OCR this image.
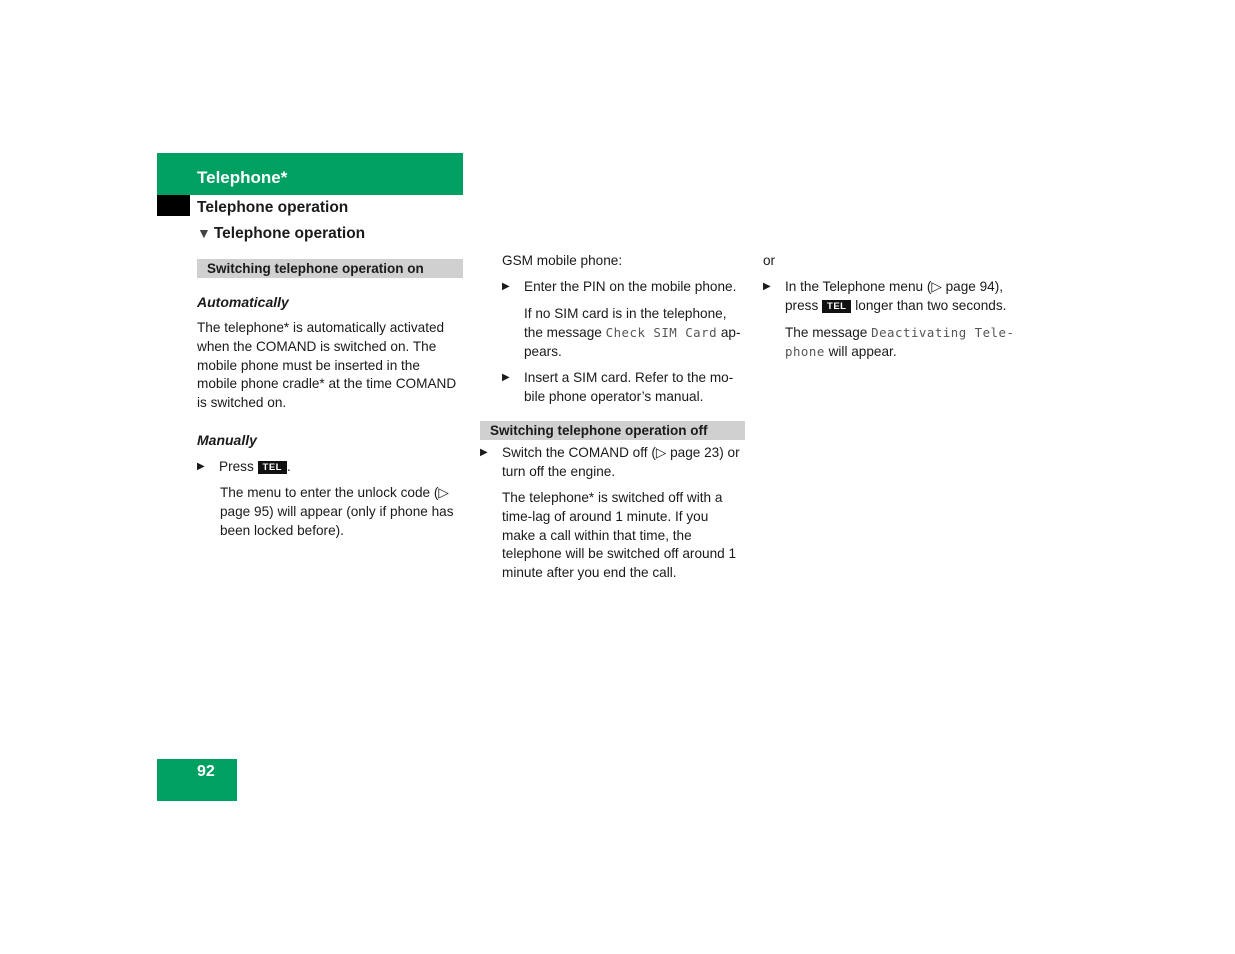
Telephone*
Telephone operation
▼ Telephone operation
Switching telephone operation on
Automatically
The telephone* is automatically activated when the COMAND is switched on. The mobile phone must be inserted in the mobile phone cradle* at the time COMAND is switched on.
Manually
▶ Press TEL .
The menu to enter the unlock code (▷ page 95) will appear (only if phone has been locked before).
GSM mobile phone:
▶ Enter the PIN on the mobile phone.
If no SIM card is in the telephone, the message Check SIM Card ap- pears.
▶ Insert a SIM card. Refer to the mo- bile phone operator’s manual.
Switching telephone operation off
▶ Switch the COMAND off (▷ page 23) or turn off the engine.
The telephone* is switched off with a time-lag of around 1 minute. If you make a call within that time, the telephone will be switched off around 1 minute after you end the call.
or
▶ In the Telephone menu (▷ page 94), press TEL longer than two seconds.
The message Deactivating Tele- phone will appear.
92
